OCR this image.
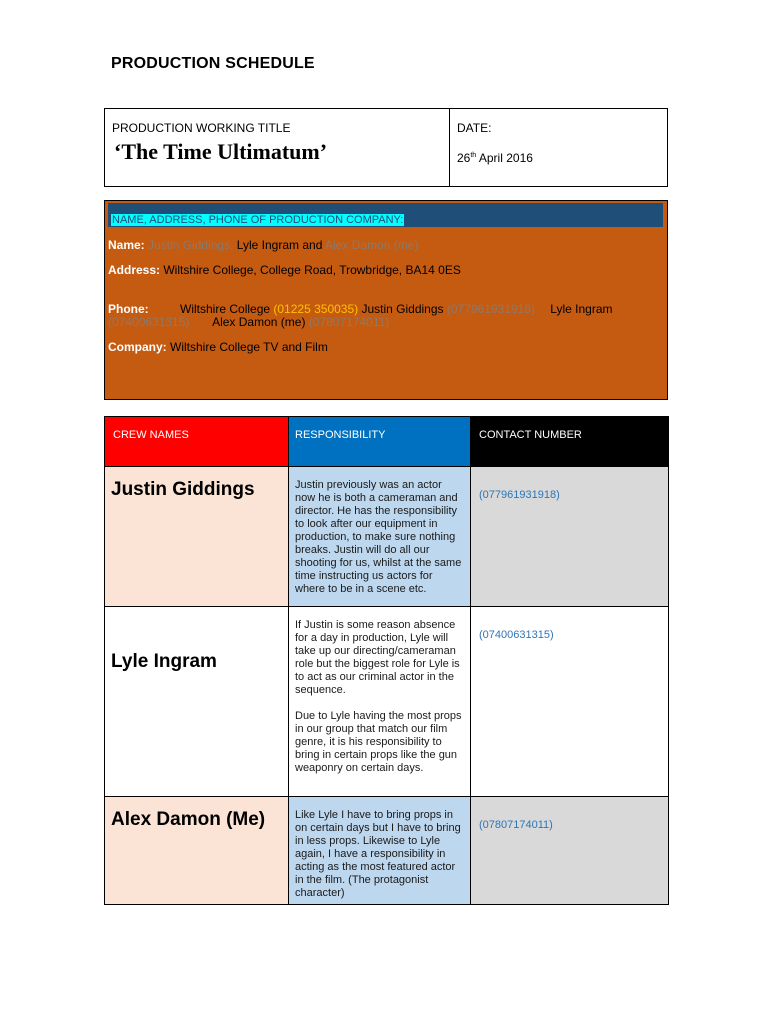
PRODUCTION SCHEDULE
PRODUCTION WORKING TITLE
‘The Time Ultimatum’
DATE:
26th April 2016
NAME, ADDRESS, PHONE OF PRODUCTION COMPANY:
Name: Justin Giddings, Lyle Ingram and Alex Damon (me)
Address: Wiltshire College, College Road, Trowbridge, BA14 0ES
Phone:	Wiltshire College (01225 350035) Justin Giddings (07796193191​8) Lyle Ingram (07400631315) Alex Damon (me) (07807174011)
Company: Wiltshire College TV and Film
CREW NAMES	RESPONSIBILITY	CONTACT NUMBER
Justin Giddings	Justin previously was an actor now he is both a cameraman and director. He has the responsibility to look after our equipment in production, to make sure nothing breaks. Justin will do all our shooting for us, whilst at the same time instructing us actors for where to be in a scene etc.	(077961931918)
Lyle Ingram	If Justin is some reason absence for a day in production, Lyle will take up our directing/cameraman role but the biggest role for Lyle is to act as our criminal actor in the sequence.

Due to Lyle having the most props in our group that match our film genre, it is his responsibility to bring in certain props like the gun weaponry on certain days.	(07400631315)
Alex Damon (Me)	Like Lyle I have to bring props in on certain days but I have to bring in less props. Likewise to Lyle again, I have a responsibility in acting as the most featured actor in the film. (The protagonist character)	(07807174011)
